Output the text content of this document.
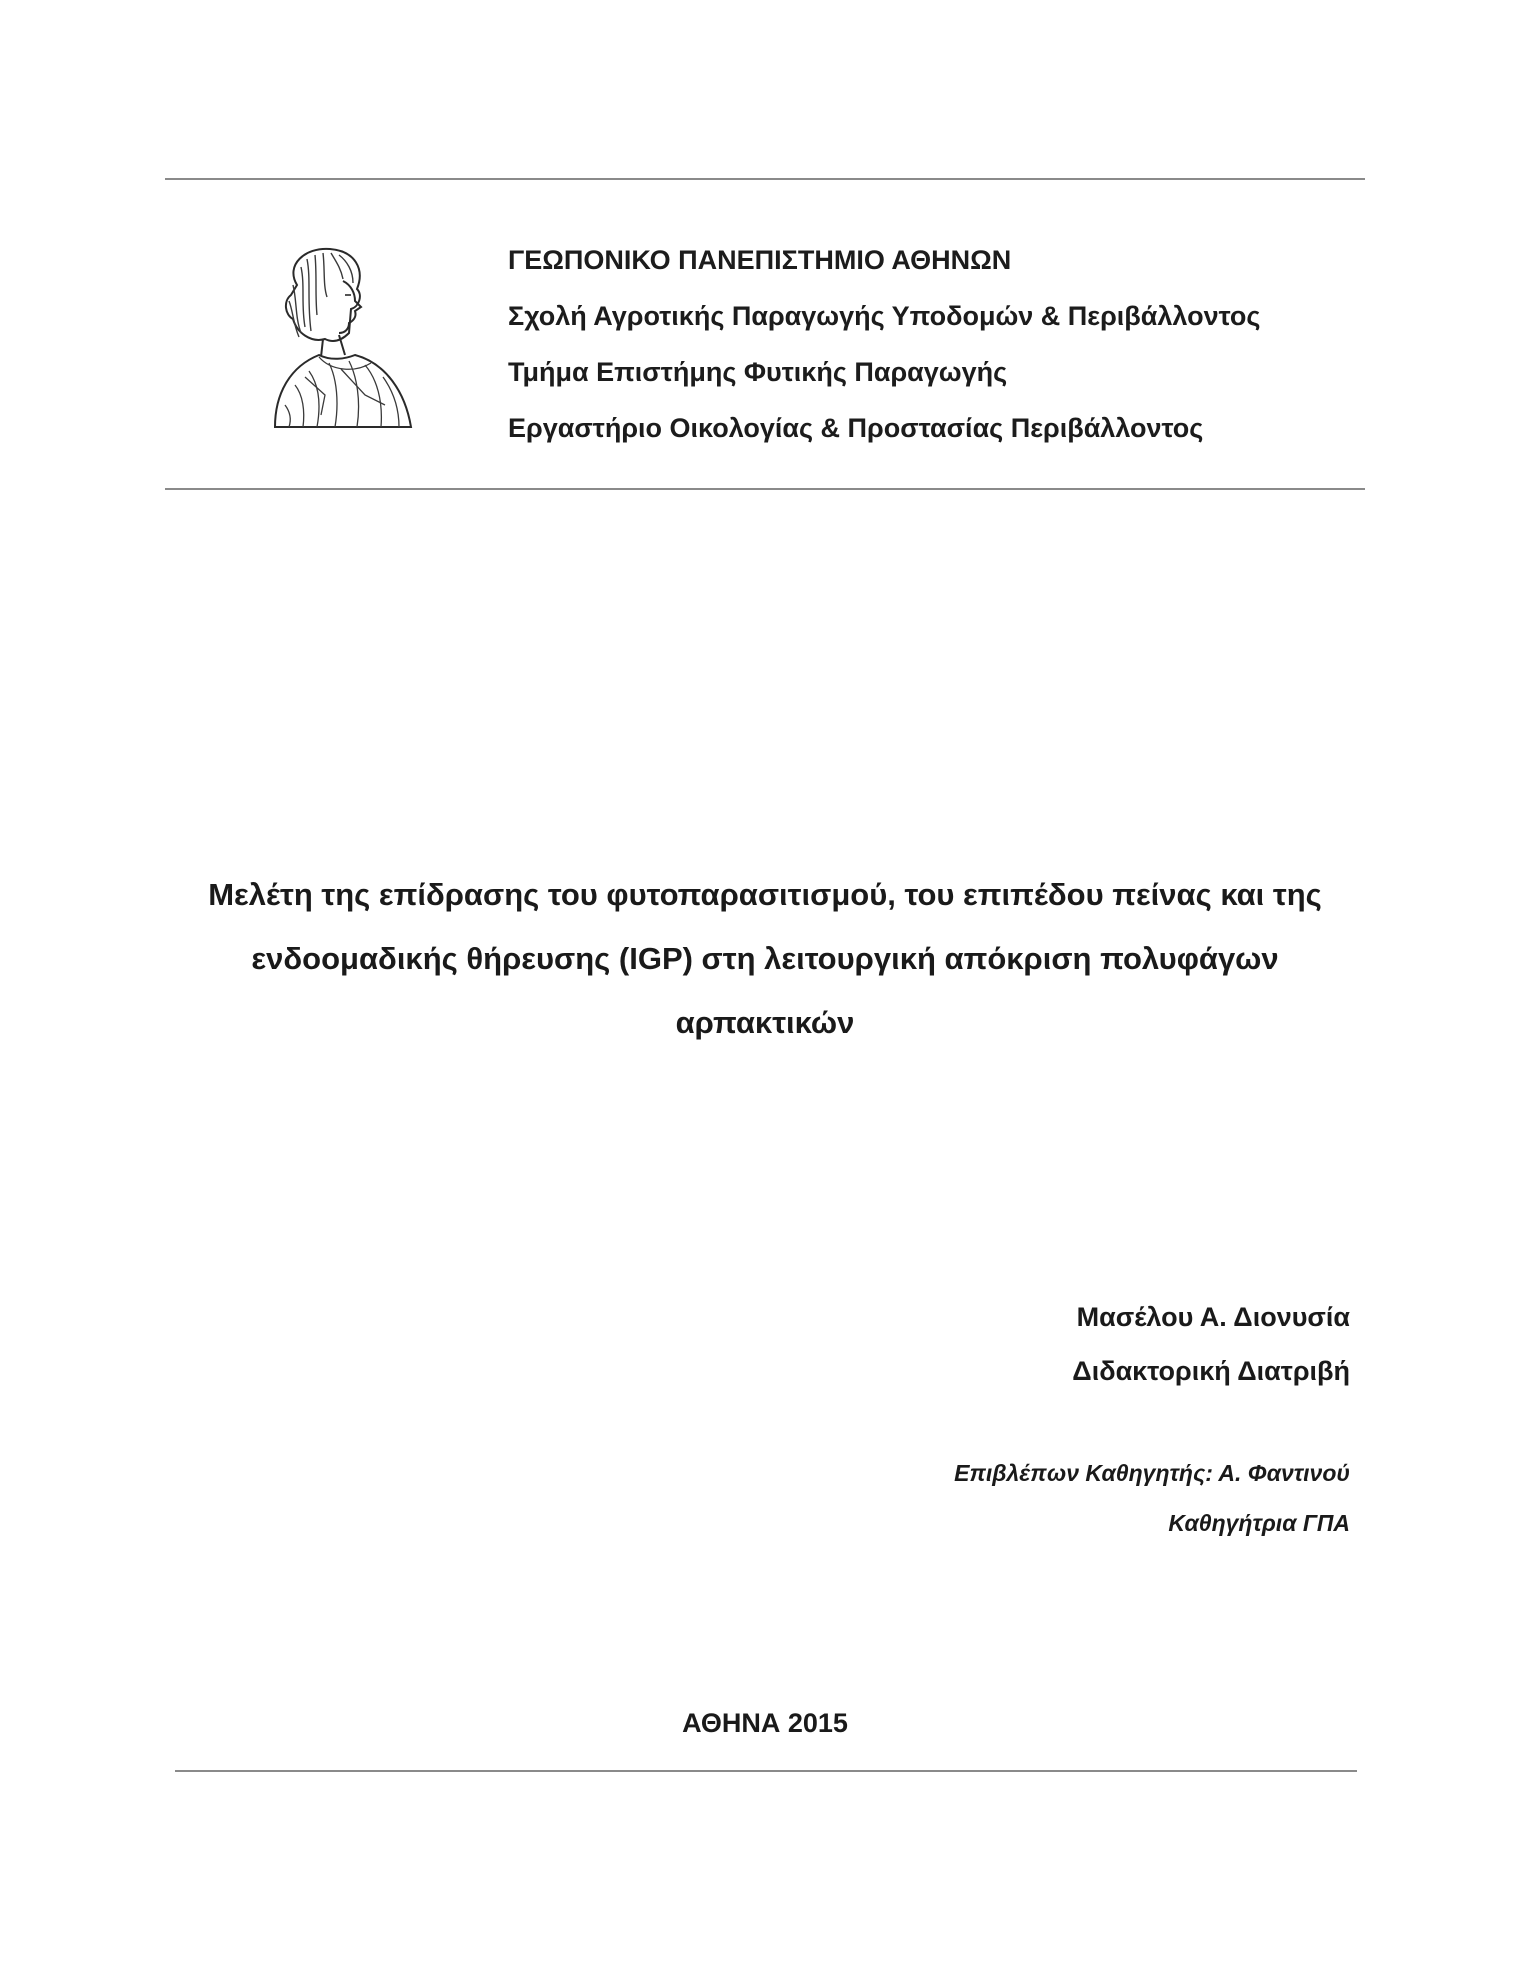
ΓΕΩΠΟΝΙΚΟ ΠΑΝΕΠΙΣΤΗΜΙΟ ΑΘΗΝΩΝ
Σχολή Αγροτικής Παραγωγής Υποδομών & Περιβάλλοντος
Τμήμα Επιστήμης Φυτικής Παραγωγής
Εργαστήριο Οικολογίας & Προστασίας Περιβάλλοντος
Μελέτη της επίδρασης του φυτοπαρασιτισμού, του επιπέδου πείνας και της
ενδοομαδικής θήρευσης (IGP) στη λειτουργική απόκριση πολυφάγων
αρπακτικών
Μασέλου Α. Διονυσία
Διδακτορική Διατριβή
Επιβλέπων Καθηγητής: Α. Φαντινού
Καθηγήτρια ΓΠΑ
ΑΘΗΝΑ 2015
